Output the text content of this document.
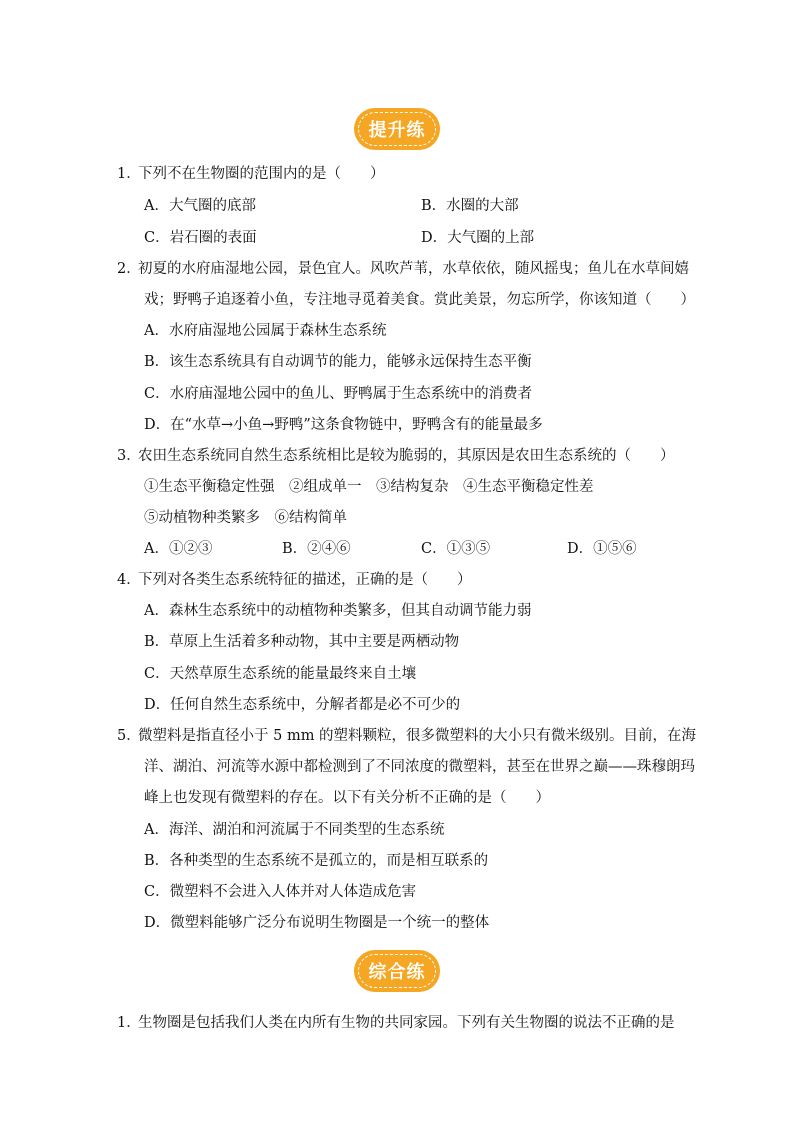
提升练
1．
下列不在生物圈的范围内的是（　　）
A．大气圈的底部	B．水圈的大部
C．岩石圈的表面	D．大气圈的上部
2．
初夏的水府庙湿地公园，景色宜人。风吹芦苇，水草依依，随风摇曳；鱼儿在水草间嬉
戏；野鸭子追逐着小鱼，专注地寻觅着美食。赏此美景，勿忘所学，你该知道（　　）
A．水府庙湿地公园属于森林生态系统
B．该生态系统具有自动调节的能力，能够永远保持生态平衡
C．水府庙湿地公园中的鱼儿、野鸭属于生态系统中的消费者
D．在“水草→小鱼→野鸭”这条食物链中，野鸭含有的能量最多
3．
农田生态系统同自然生态系统相比是较为脆弱的，其原因是农田生态系统的（　　）
①生态平衡稳定性强　②组成单一　③结构复杂　④生态平衡稳定性差
⑤动植物种类繁多　⑥结构简单
A．①②③	B．②④⑥	C．①③⑤	D．①⑤⑥
4．
下列对各类生态系统特征的描述，正确的是（　　）
A．森林生态系统中的动植物种类繁多，但其自动调节能力弱
B．草原上生活着多种动物，其中主要是两栖动物
C．天然草原生态系统的能量最终来自土壤
D．任何自然生态系统中，分解者都是必不可少的
5．
微塑料是指直径小于 5 mm 的塑料颗粒，很多微塑料的大小只有微米级别。目前，在海
洋、湖泊、河流等水源中都检测到了不同浓度的微塑料，甚至在世界之巅——珠穆朗玛
峰上也发现有微塑料的存在。以下有关分析不正确的是（　　）
A．海洋、湖泊和河流属于不同类型的生态系统
B．各种类型的生态系统不是孤立的，而是相互联系的
C．微塑料不会进入人体并对人体造成危害
D．微塑料能够广泛分布说明生物圈是一个统一的整体
综合练
1．
生物圈是包括我们人类在内所有生物的共同家园。下列有关生物圈的说法不正确的是
